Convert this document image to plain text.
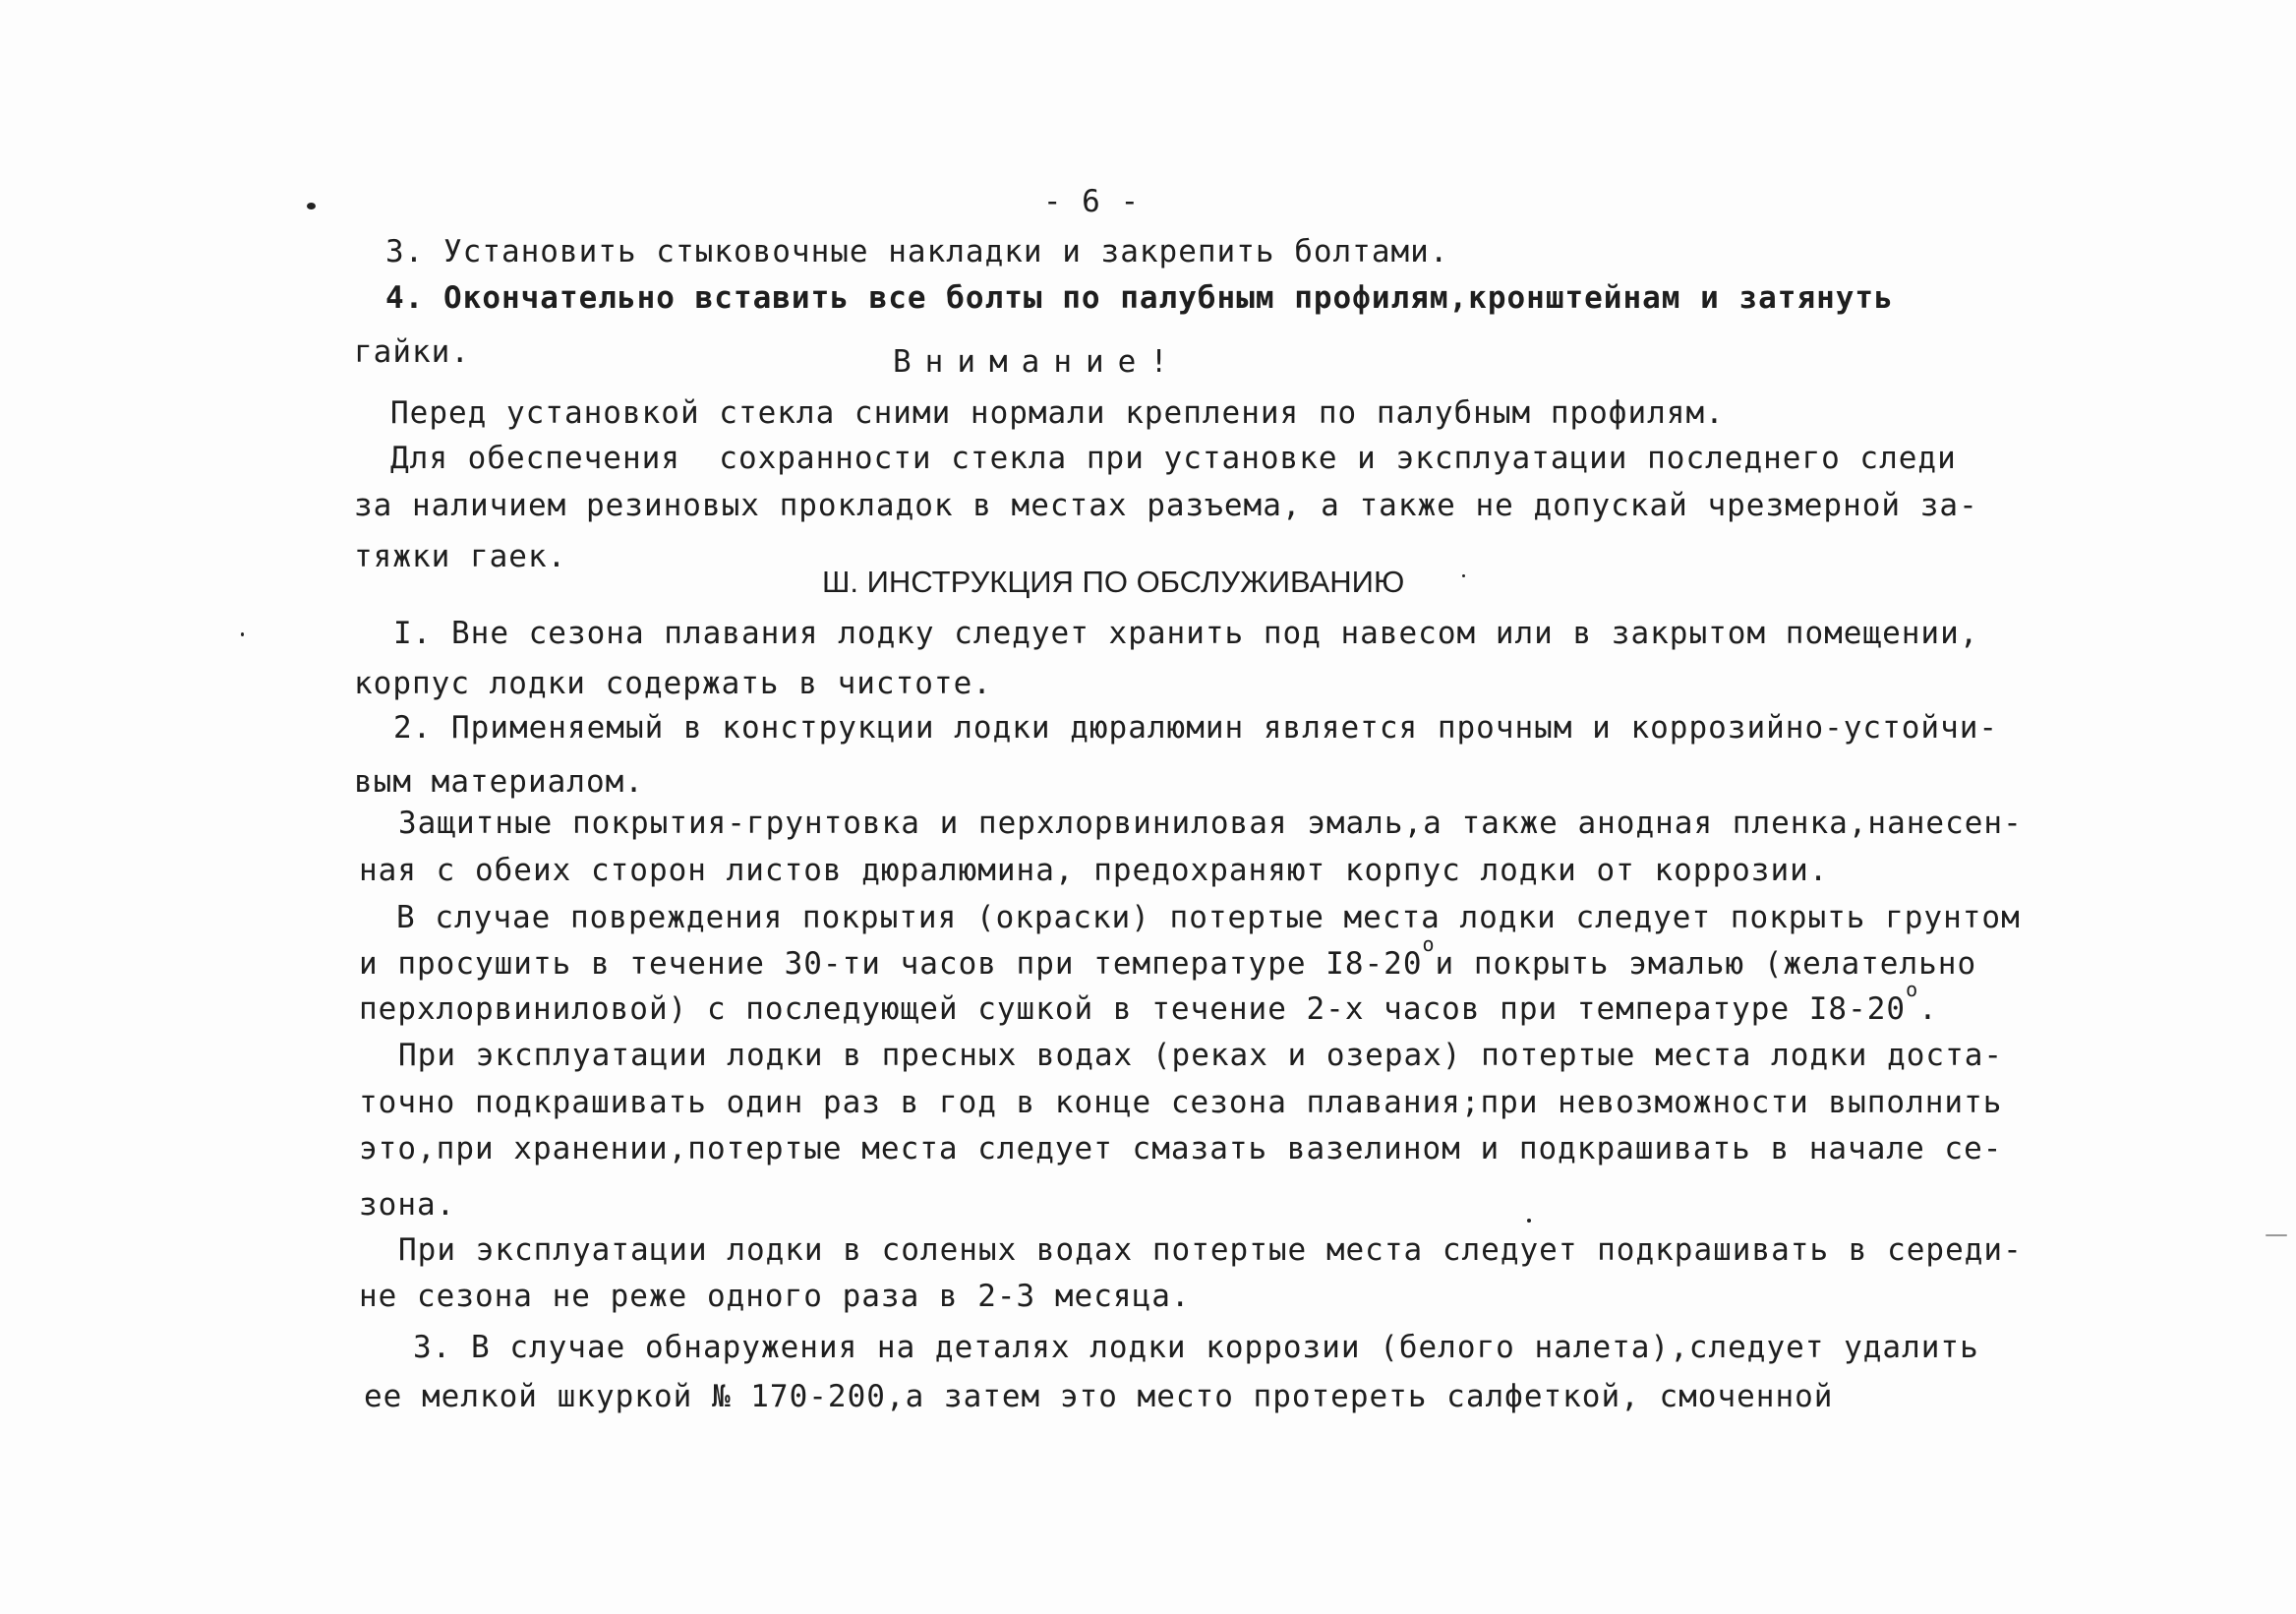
- 6 -
3. Установить стыковочные накладки и закрепить болтами.
4. Окончательно вставить все болты по палубным профилям,кронштейнам и затянуть
гайки.	Внимание!
Перед установкой стекла сними нормали крепления по палубным профилям.
Для обеспечения  сохранности стекла при установке и эксплуатации последнего следи
за наличием резиновых прокладок в местах разъема, а также не допускай чрезмерной за-
тяжки гаек.
Ш. ИНСТРУКЦИЯ ПО ОБСЛУЖИВАНИЮ
I. Вне сезона плавания лодку следует хранить под навесом или в закрытом помещении,
корпус лодки содержать в чистоте.
2. Применяемый в конструкции лодки дюралюмин является прочным и коррозийно-устойчи-
вым материалом.
Защитные покрытия-грунтовка и перхлорвиниловая эмаль,а также анодная пленка,нанесен-
ная с обеих сторон листов дюралюмина, предохраняют корпус лодки от коррозии.
В случае повреждения покрытия (окраски) потертые места лодки следует покрыть грунтом
и просушить в течение 30-ти часов при температуре $I8-20^ои$ покрыть эмалью (желательно
перхлорвиниловой) с последующей сушкой в течение 2-х часов при температуре $I8-20^о$.
При эксплуатации лодки в пресных водах (реках и озерах) потертые места лодки доста-
точно подкрашивать один раз в год в конце сезона плавания;при невозможности выполнить
это,при хранении,потертые места следует смазать вазелином и подкрашивать в начале се-
зона.
При эксплуатации лодки в соленых водах потертые места следует подкрашивать в середи-
не сезона не реже одного раза в 2-3 месяца.
3. В случае обнаружения на деталях лодки коррозии (белого налета),следует удалить
ее мелкой шкуркой № 170-200,а затем это место протереть салфеткой, смоченной
